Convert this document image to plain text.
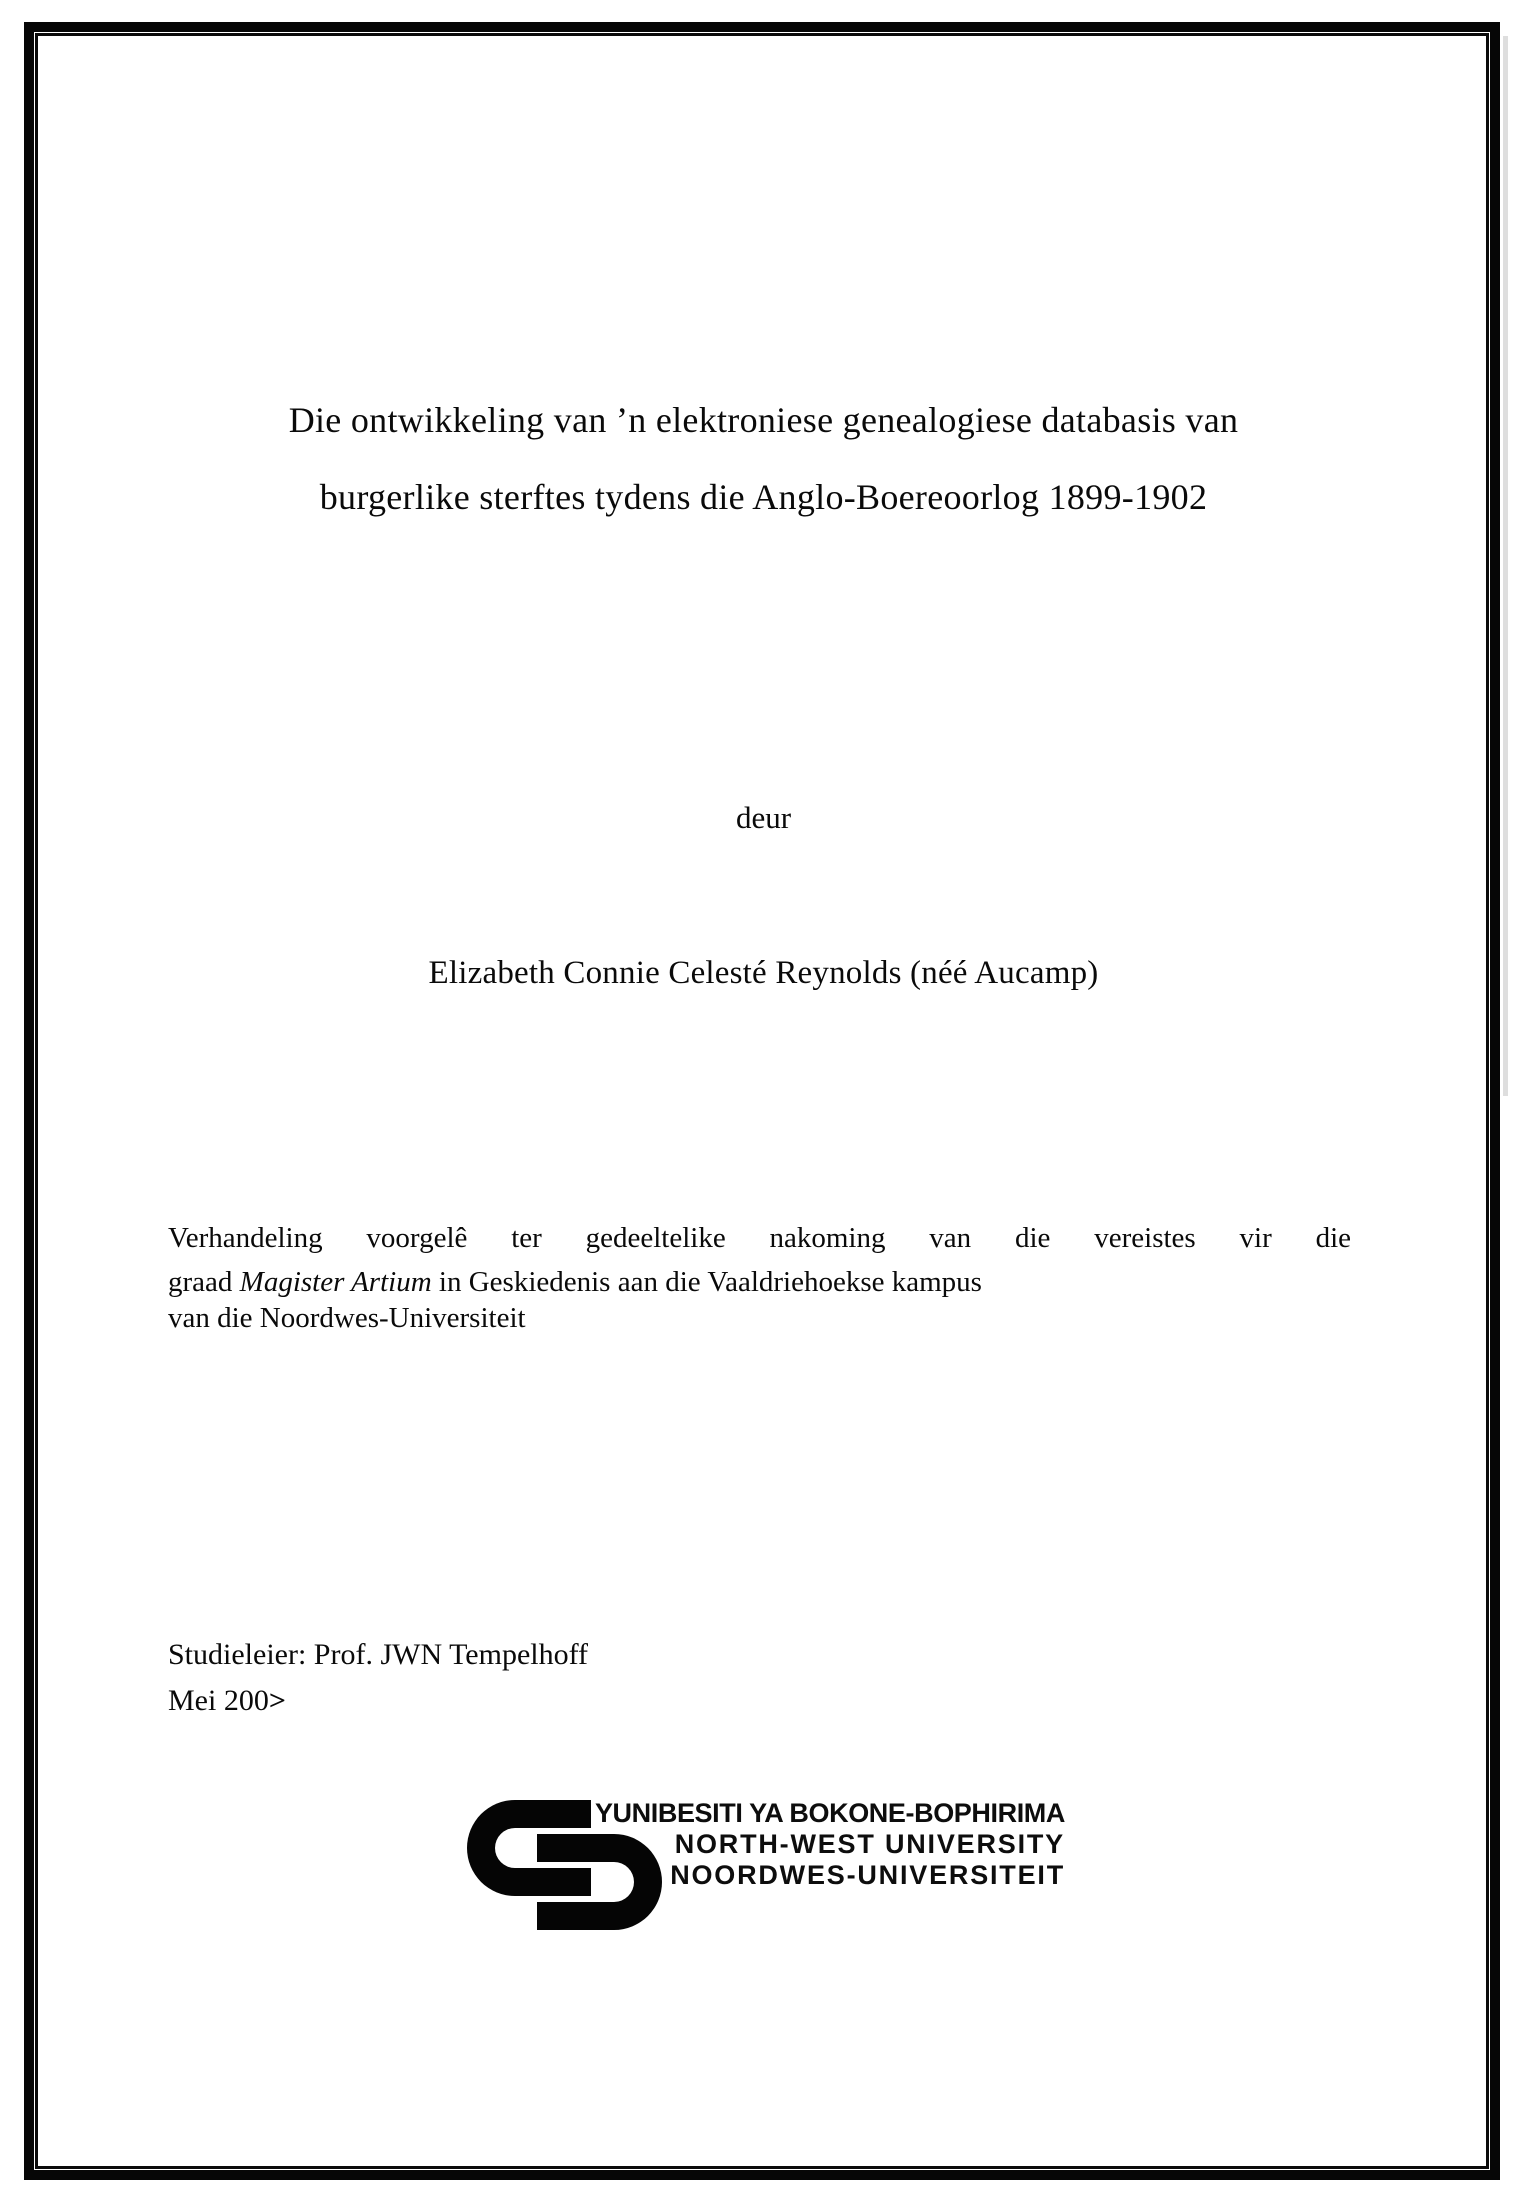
Die ontwikkeling van ’n elektroniese genealogiese databasis van
burgerlike sterftes tydens die Anglo-Boereoorlog 1899-1902
deur
Elizabeth Connie Celesté Reynolds (néé Aucamp)
Verhandeling voorgelê ter gedeeltelike nakoming van die vereistes vir die
graad Magister Artium in Geskiedenis aan die Vaaldriehoekse kampus
van die Noordwes-Universiteit
Studieleier: Prof. JWN Tempelhoff
Mei 200>
YUNIBESITI YA BOKONE-BOPHIRIMA
NORTH-WEST UNIVERSITY
NOORDWES-UNIVERSITEIT
